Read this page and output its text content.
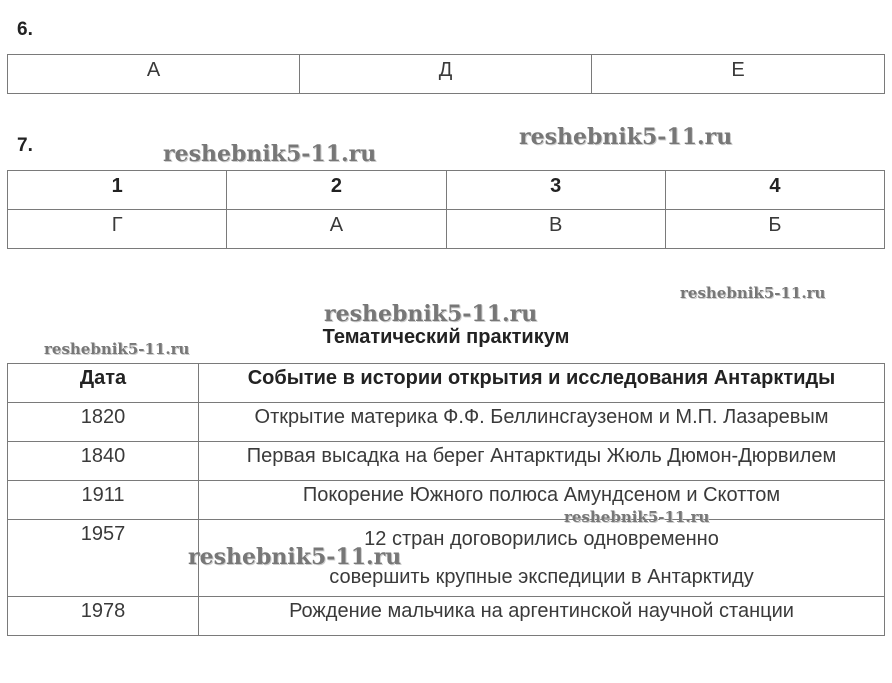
6.
А	Д	Е
7.
1	2	3	4
Г	А	В	Б
Тематический практикум
Дата	Событие в истории открытия и исследования Антарктиды
1820	Открытие материка Ф.Ф. Беллинсгаузеном и М.П. Лазаревым
1840	Первая высадка на берег Антарктиды Жюль Дюмон-Дюрвилем
1911	Покорение Южного полюса Амундсеном и Скоттом
1957	12 стран договорились одновременно совершить крупные экспедиции в Антарктиду
1978	Рождение мальчика на аргентинской научной станции
reshebnik5-11.ru
reshebnik5-11.ru
reshebnik5-11.ru
reshebnik5-11.ru
reshebnik5-11.ru
reshebnik5-11.ru
reshebnik5-11.ru
